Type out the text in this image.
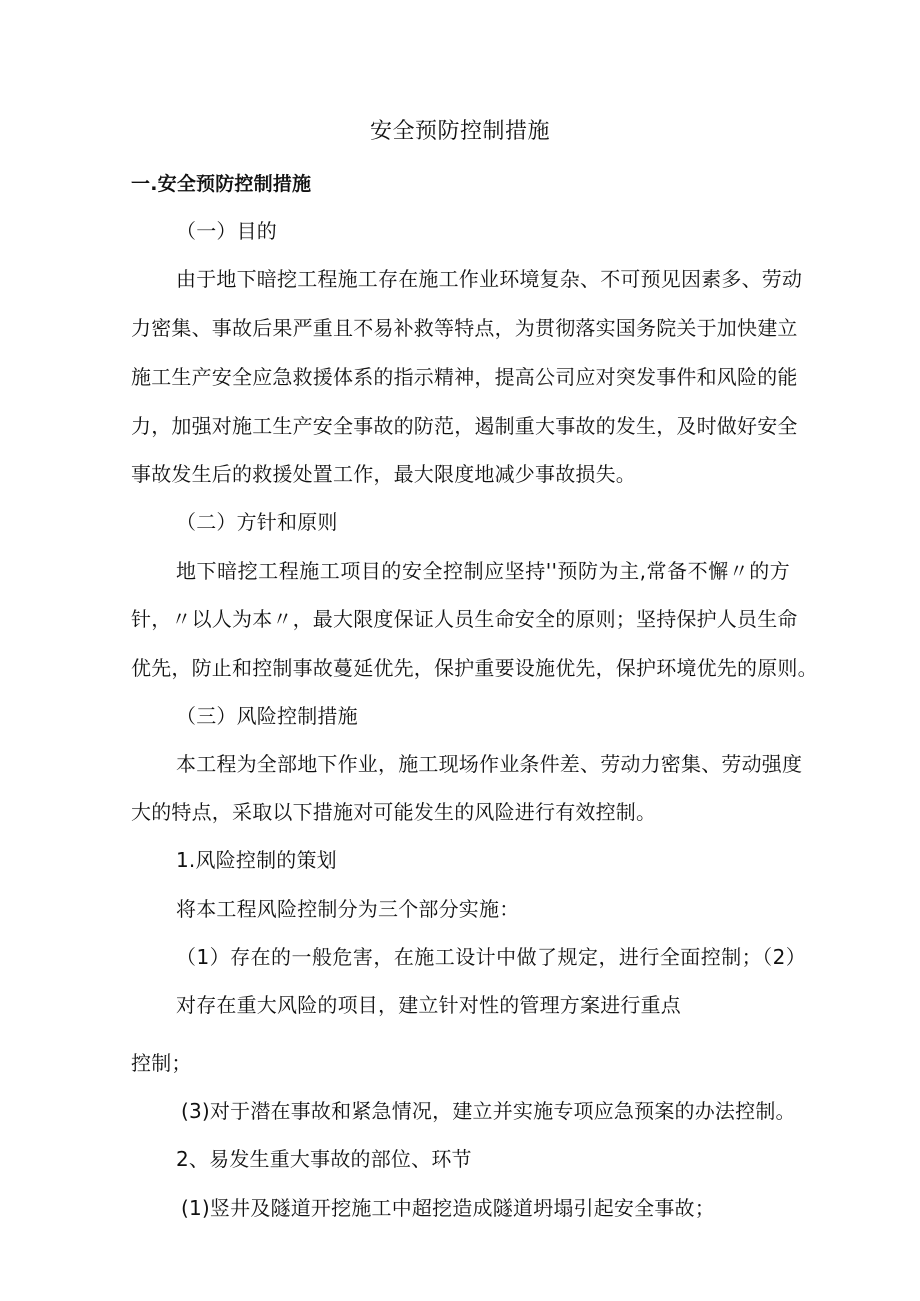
安全预防控制措施
一.安全预防控制措施
（一）目的
由于地下暗挖工程施工存在施工作业环境复杂、不可预见因素多、劳动
力密集、事故后果严重且不易补救等特点，为贯彻落实国务院关于加快建立
施工生产安全应急救援体系的指示精神，提高公司应对突发事件和风险的能
力，加强对施工生产安全事故的防范，遏制重大事故的发生，及时做好安全
事故发生后的救援处置工作，最大限度地减少事故损失。
（二）方针和原则
地下暗挖工程施工项目的安全控制应坚持''预防为主,常备不懈〃的方
针，〃以人为本〃，最大限度保证人员生命安全的原则；坚持保护人员生命
优先，防止和控制事故蔓延优先，保护重要设施优先，保护环境优先的原则。
（三）风险控制措施
本工程为全部地下作业，施工现场作业条件差、劳动力密集、劳动强度
大的特点，采取以下措施对可能发生的风险进行有效控制。
1.风险控制的策划
将本工程风险控制分为三个部分实施：
（1）存在的一般危害，在施工设计中做了规定，进行全面控制；（2）
对存在重大风险的项目，建立针对性的管理方案进行重点
控制；
(3)对于潜在事故和紧急情况，建立并实施专项应急预案的办法控制。
2、易发生重大事故的部位、环节
(1)竖井及隧道开挖施工中超挖造成隧道坍塌引起安全事故；
